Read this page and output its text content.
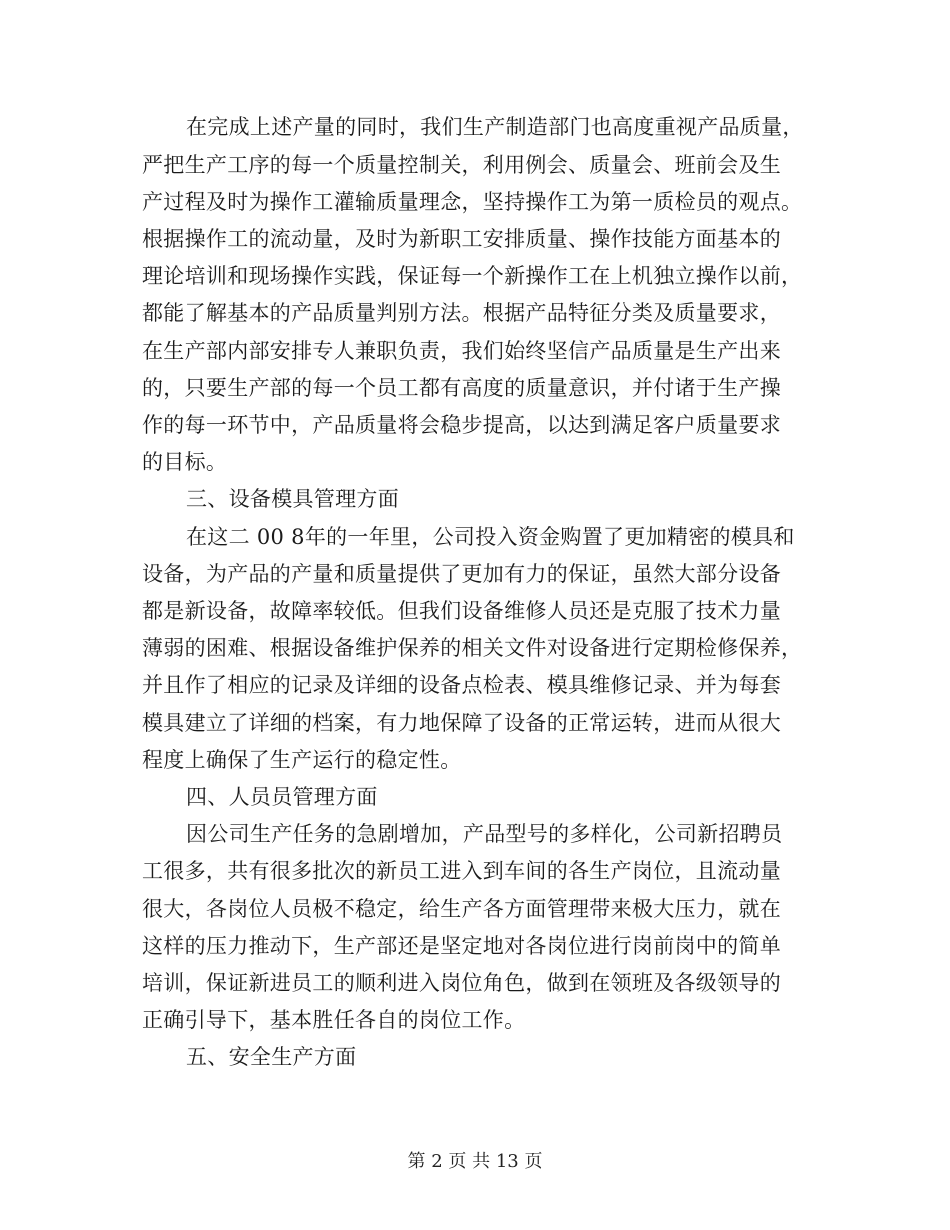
在完成上述产量的同时，我们生产制造部门也高度重视产品质量，
严把生产工序的每一个质量控制关，利用例会、质量会、班前会及生
产过程及时为操作工灌输质量理念，坚持操作工为第一质检员的观点。
根据操作工的流动量，及时为新职工安排质量、操作技能方面基本的
理论培训和现场操作实践，保证每一个新操作工在上机独立操作以前，
都能了解基本的产品质量判别方法。根据产品特征分类及质量要求，
在生产部内部安排专人兼职负责，我们始终坚信产品质量是生产出来
的，只要生产部的每一个员工都有高度的质量意识，并付诸于生产操
作的每一环节中，产品质量将会稳步提高，以达到满足客户质量要求
的目标。
三、设备模具管理方面
在这二 00 8年的一年里，公司投入资金购置了更加精密的模具和
设备，为产品的产量和质量提供了更加有力的保证，虽然大部分设备
都是新设备，故障率较低。但我们设备维修人员还是克服了技术力量
薄弱的困难、根据设备维护保养的相关文件对设备进行定期检修保养，
并且作了相应的记录及详细的设备点检表、模具维修记录、并为每套
模具建立了详细的档案，有力地保障了设备的正常运转，进而从很大
程度上确保了生产运行的稳定性。
四、人员员管理方面
因公司生产任务的急剧增加，产品型号的多样化，公司新招聘员
工很多，共有很多批次的新员工进入到车间的各生产岗位，且流动量
很大，各岗位人员极不稳定，给生产各方面管理带来极大压力，就在
这样的压力推动下，生产部还是坚定地对各岗位进行岗前岗中的简单
培训，保证新进员工的顺利进入岗位角色，做到在领班及各级领导的
正确引导下，基本胜任各自的岗位工作。
五、安全生产方面
第 2 页 共 13 页
